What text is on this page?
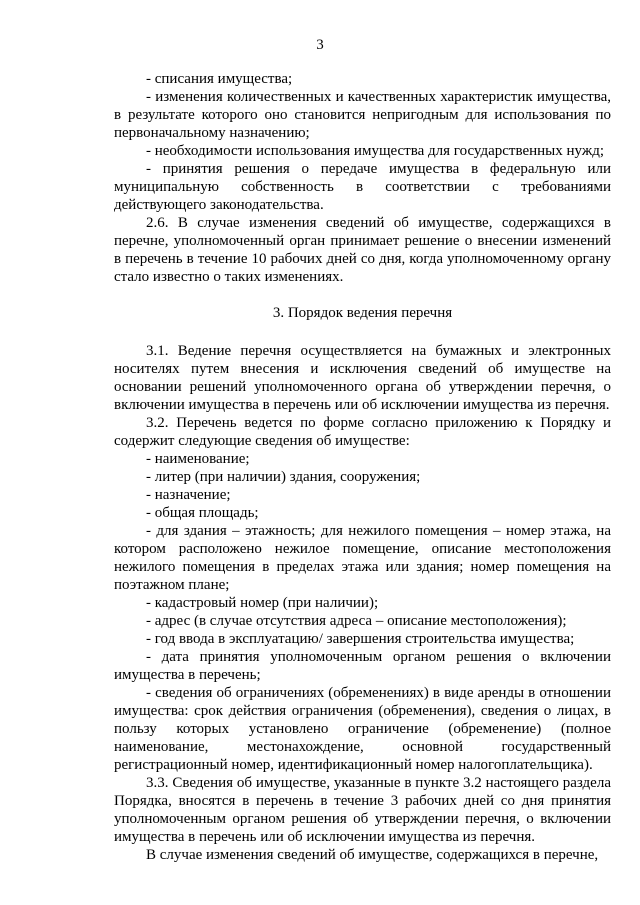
3

- списания имущества;

- изменения количественных и качественных характеристик имущества, в результате которого оно становится непригодным для использования по первоначальному назначению;

- необходимости использования имущества для государственных нужд;

- принятия решения о передаче имущества в федеральную или муниципальную собственность в соответствии с требованиями действующего законодательства.

2.6. В случае изменения сведений об имуществе, содержащихся в перечне, уполномоченный орган принимает решение о внесении изменений в перечень в течение 10 рабочих дней со дня, когда уполномоченному органу стало известно о таких изменениях.

3. Порядок ведения перечня

3.1. Ведение перечня осуществляется на бумажных и электронных носителях путем внесения и исключения сведений об имуществе на основании решений уполномоченного органа об утверждении перечня, о включении имущества в перечень или об исключении имущества из перечня.

3.2. Перечень ведется по форме согласно приложению к Порядку и содержит следующие сведения об имуществе:

- наименование;

- литер (при наличии) здания, сооружения;

- назначение;

- общая площадь;

- для здания – этажность; для нежилого помещения – номер этажа, на котором расположено нежилое помещение, описание местоположения нежилого помещения в пределах этажа или здания; номер помещения на поэтажном плане;

- кадастровый номер (при наличии);

- адрес (в случае отсутствия адреса – описание местоположения);

- год ввода в эксплуатацию/ завершения строительства имущества;

- дата принятия уполномоченным органом решения о включении имущества в перечень;

- сведения об ограничениях (обременениях) в виде аренды в отношении имущества: срок действия ограничения (обременения), сведения о лицах, в пользу которых установлено ограничение (обременение) (полное наименование, местонахождение, основной государственный регистрационный номер, идентификационный номер налогоплательщика).

3.3. Сведения об имуществе, указанные в пункте 3.2 настоящего раздела Порядка, вносятся в перечень в течение 3 рабочих дней со дня принятия уполномоченным органом решения об утверждении перечня, о включении имущества в перечень или об исключении имущества из перечня.

В случае изменения сведений об имуществе, содержащихся в перечне,
